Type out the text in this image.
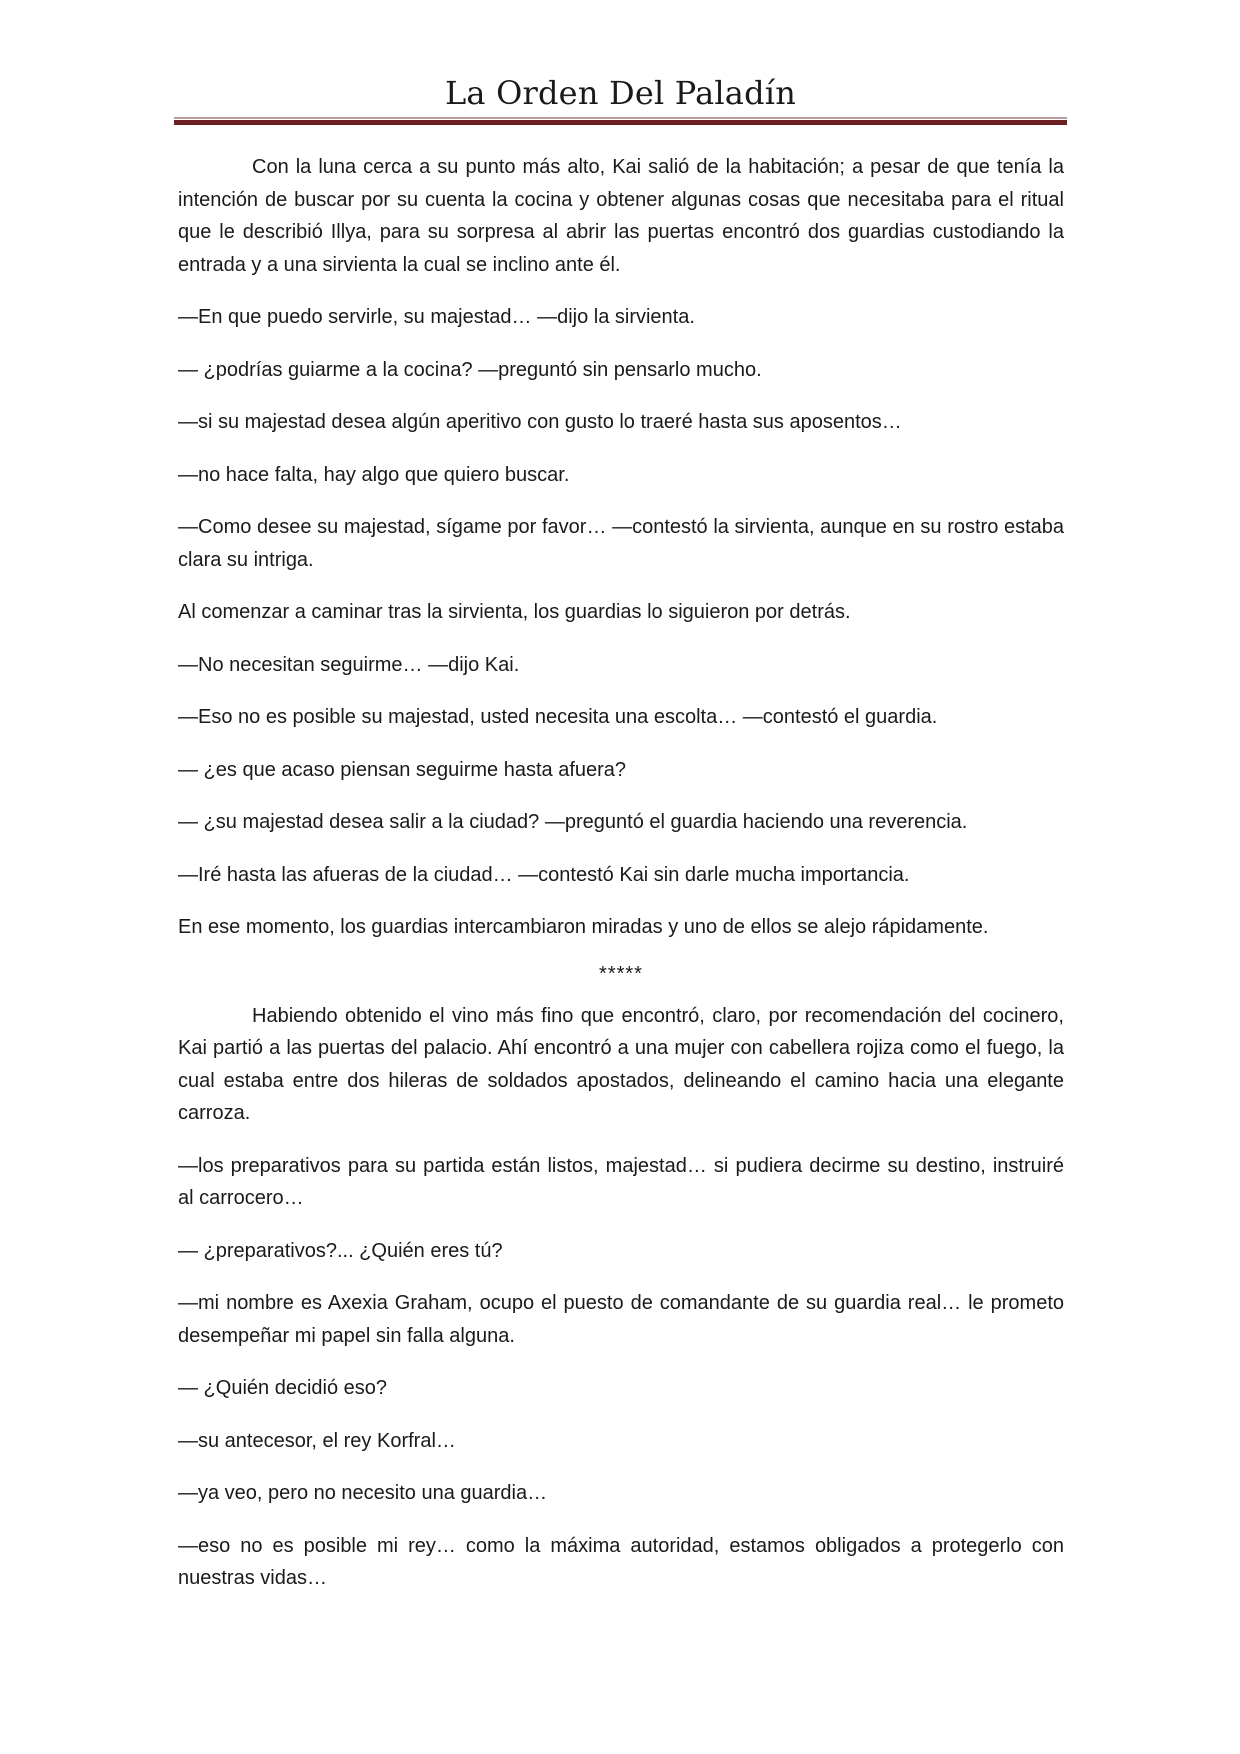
La Orden Del Paladín

Con la luna cerca a su punto más alto, Kai salió de la habitación; a pesar de que tenía la intención de buscar por su cuenta la cocina y obtener algunas cosas que necesitaba para el ritual que le describió Illya, para su sorpresa al abrir las puertas encontró dos guardias custodiando la entrada y a una sirvienta la cual se inclino ante él.

—En que puedo servirle, su majestad… —dijo la sirvienta.

— ¿podrías guiarme a la cocina? —preguntó sin pensarlo mucho.

—si su majestad desea algún aperitivo con gusto lo traeré hasta sus aposentos…

—no hace falta, hay algo que quiero buscar.

—Como desee su majestad, sígame por favor… —contestó la sirvienta, aunque en su rostro estaba clara su intriga.

Al comenzar a caminar tras la sirvienta, los guardias lo siguieron por detrás.

—No necesitan seguirme… —dijo Kai.

—Eso no es posible su majestad, usted necesita una escolta… —contestó el guardia.

— ¿es que acaso piensan seguirme hasta afuera?

— ¿su majestad desea salir a la ciudad? —preguntó el guardia haciendo una reverencia.

—Iré hasta las afueras de la ciudad… —contestó Kai sin darle mucha importancia.

En ese momento, los guardias intercambiaron miradas y uno de ellos se alejo rápidamente.

*****

Habiendo obtenido el vino más fino que encontró, claro, por recomendación del cocinero, Kai partió a las puertas del palacio. Ahí encontró a una mujer con cabellera rojiza como el fuego, la cual estaba entre dos hileras de soldados apostados, delineando el camino hacia una elegante carroza.

—los preparativos para su partida están listos, majestad… si pudiera decirme su destino, instruiré al carrocero…

— ¿preparativos?... ¿Quién eres tú?

—mi nombre es Axexia Graham, ocupo el puesto de comandante de su guardia real… le prometo desempeñar mi papel sin falla alguna.

— ¿Quién decidió eso?

—su antecesor, el rey Korfral…

—ya veo, pero no necesito una guardia…

—eso no es posible mi rey… como la máxima autoridad, estamos obligados a protegerlo con nuestras vidas…
